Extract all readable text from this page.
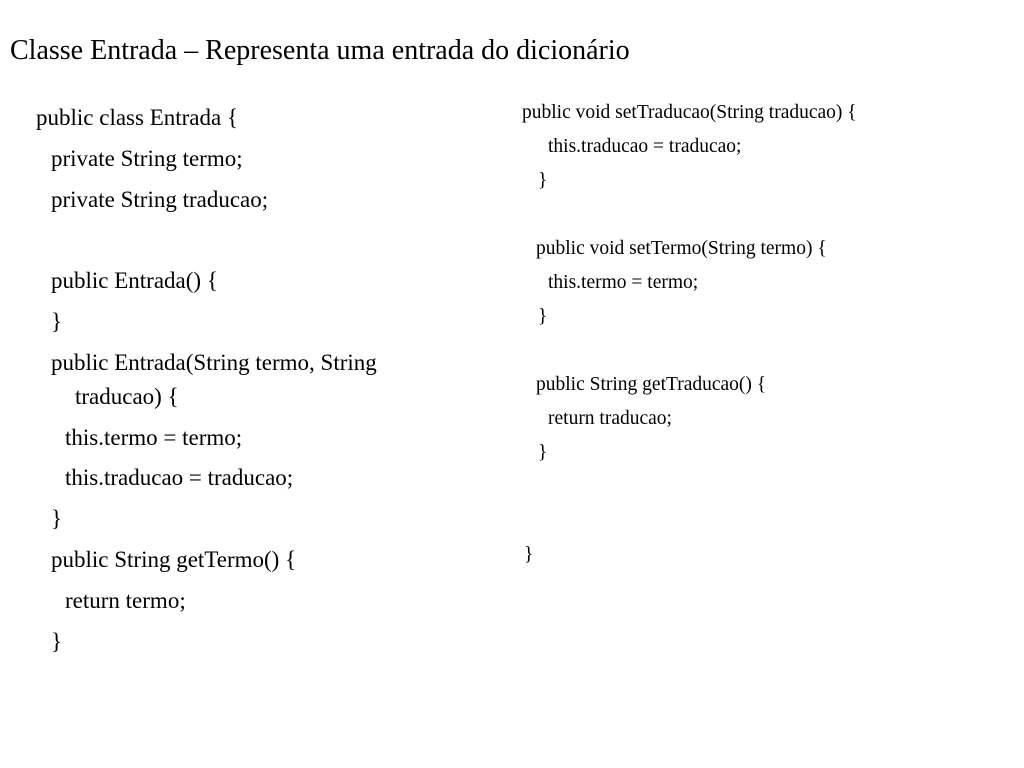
Classe Entrada – Representa uma entrada do dicionário
public class Entrada {
private String termo;
private String traducao;
public Entrada() {
}
public Entrada(String termo, String
traducao) {
this.termo = termo;
this.traducao = traducao;
}
public String getTermo() {
return termo;
}
public void setTraducao(String traducao) {
this.traducao = traducao;
}
public void setTermo(String termo) {
this.termo = termo;
}
public String getTraducao() {
return traducao;
}
}
